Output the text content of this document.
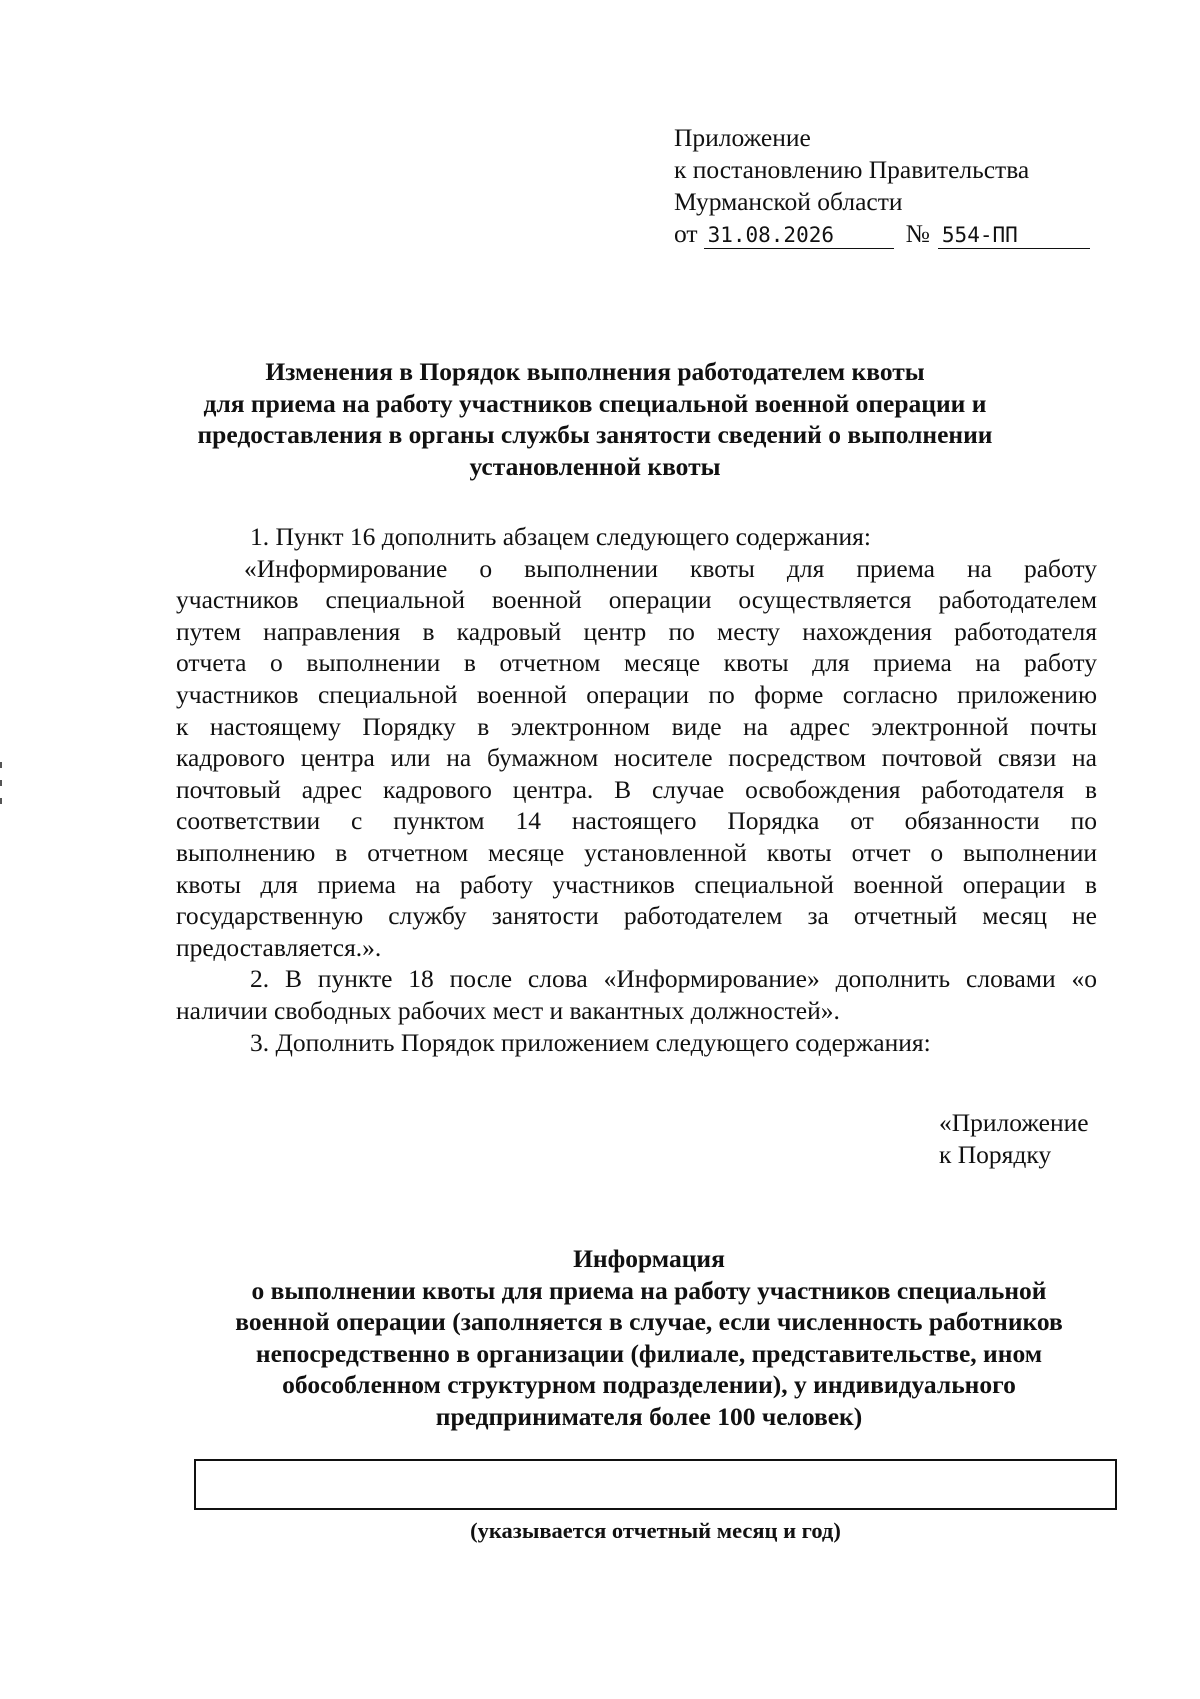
Приложение
к постановлению Правительства
Мурманской области
от 31.08.2026	№ 554-ПП
Изменения в Порядок выполнения работодателем квоты
для приема на работу участников специальной военной операции и
предоставления в органы службы занятости сведений о выполнении
установленной квоты
1. Пункт 16 дополнить абзацем следующего содержания:
«Информирование о выполнении квоты для приема на работу
участников специальной военной операции осуществляется работодателем
путем направления в кадровый центр по месту нахождения работодателя
отчета о выполнении в отчетном месяце квоты для приема на работу
участников специальной военной операции по форме согласно приложению
к настоящему Порядку в электронном виде на адрес электронной почты
кадрового центра или на бумажном носителе посредством почтовой связи на
почтовый адрес кадрового центра. В случае освобождения работодателя в
соответствии с пунктом 14 настоящего Порядка от обязанности по
выполнению в отчетном месяце установленной квоты отчет о выполнении
квоты для приема на работу участников специальной военной операции в
государственную службу занятости работодателем за отчетный месяц не
предоставляется.».
2. В пункте 18 после слова «Информирование» дополнить словами «о
наличии свободных рабочих мест и вакантных должностей».
3. Дополнить Порядок приложением следующего содержания:
«Приложение
к Порядку
Информация
о выполнении квоты для приема на работу участников специальной
военной операции (заполняется в случае, если численность работников
непосредственно в организации (филиале, представительстве, ином
обособленном структурном подразделении), у индивидуального
предпринимателя более 100 человек)
(указывается отчетный месяц и год)
